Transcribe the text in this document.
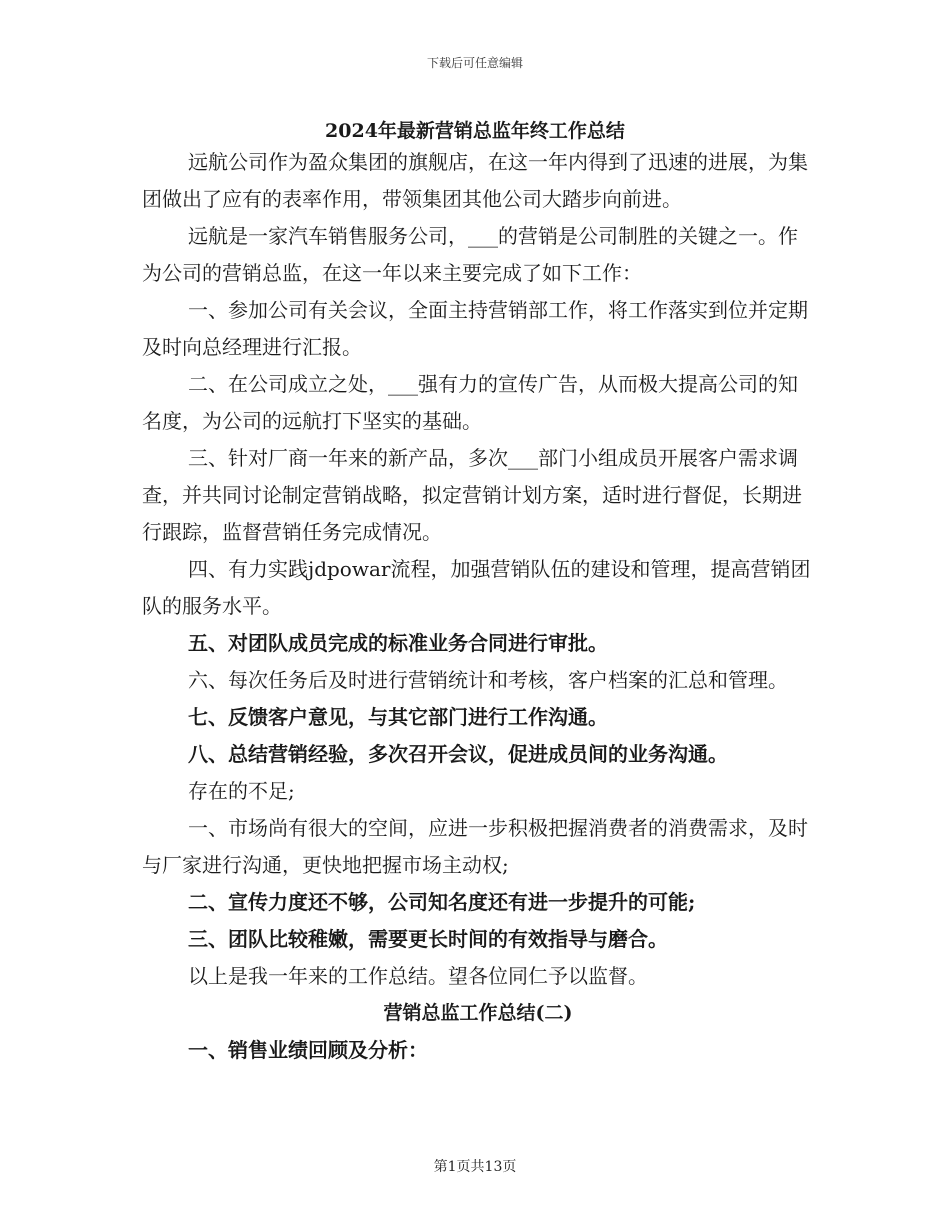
下载后可任意编辑
2024年最新营销总监年终工作总结

远航公司作为盈众集团的旗舰店，在这一年内得到了迅速的进展，为集团做出了应有的表率作用，带领集团其他公司大踏步向前进。

远航是一家汽车销售服务公司，___的营销是公司制胜的关键之一。作为公司的营销总监，在这一年以来主要完成了如下工作：

一、参加公司有关会议，全面主持营销部工作，将工作落实到位并定期及时向总经理进行汇报。

二、在公司成立之处，___强有力的宣传广告，从而极大提高公司的知名度，为公司的远航打下坚实的基础。

三、针对厂商一年来的新产品，多次___部门小组成员开展客户需求调查，并共同讨论制定营销战略，拟定营销计划方案，适时进行督促，长期进行跟踪，监督营销任务完成情况。

四、有力实践jdpowar流程，加强营销队伍的建设和管理，提高营销团队的服务水平。

五、对团队成员完成的标准业务合同进行审批。

六、每次任务后及时进行营销统计和考核，客户档案的汇总和管理。

七、反馈客户意见，与其它部门进行工作沟通。

八、总结营销经验，多次召开会议，促进成员间的业务沟通。

存在的不足;

一、市场尚有很大的空间，应进一步积极把握消费者的消费需求，及时与厂家进行沟通，更快地把握市场主动权;

二、宣传力度还不够，公司知名度还有进一步提升的可能;

三、团队比较稚嫩，需要更长时间的有效指导与磨合。

以上是我一年来的工作总结。望各位同仁予以监督。

营销总监工作总结(二)

一、销售业绩回顾及分析：

第1页共13页
